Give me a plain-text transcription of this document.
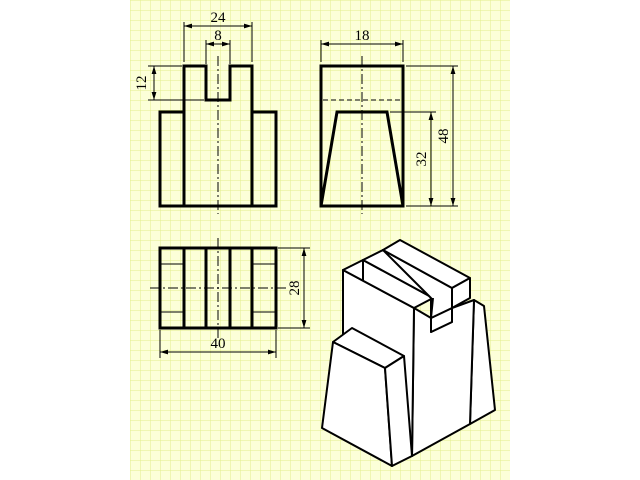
24
8
12
18
32
48
28
40
